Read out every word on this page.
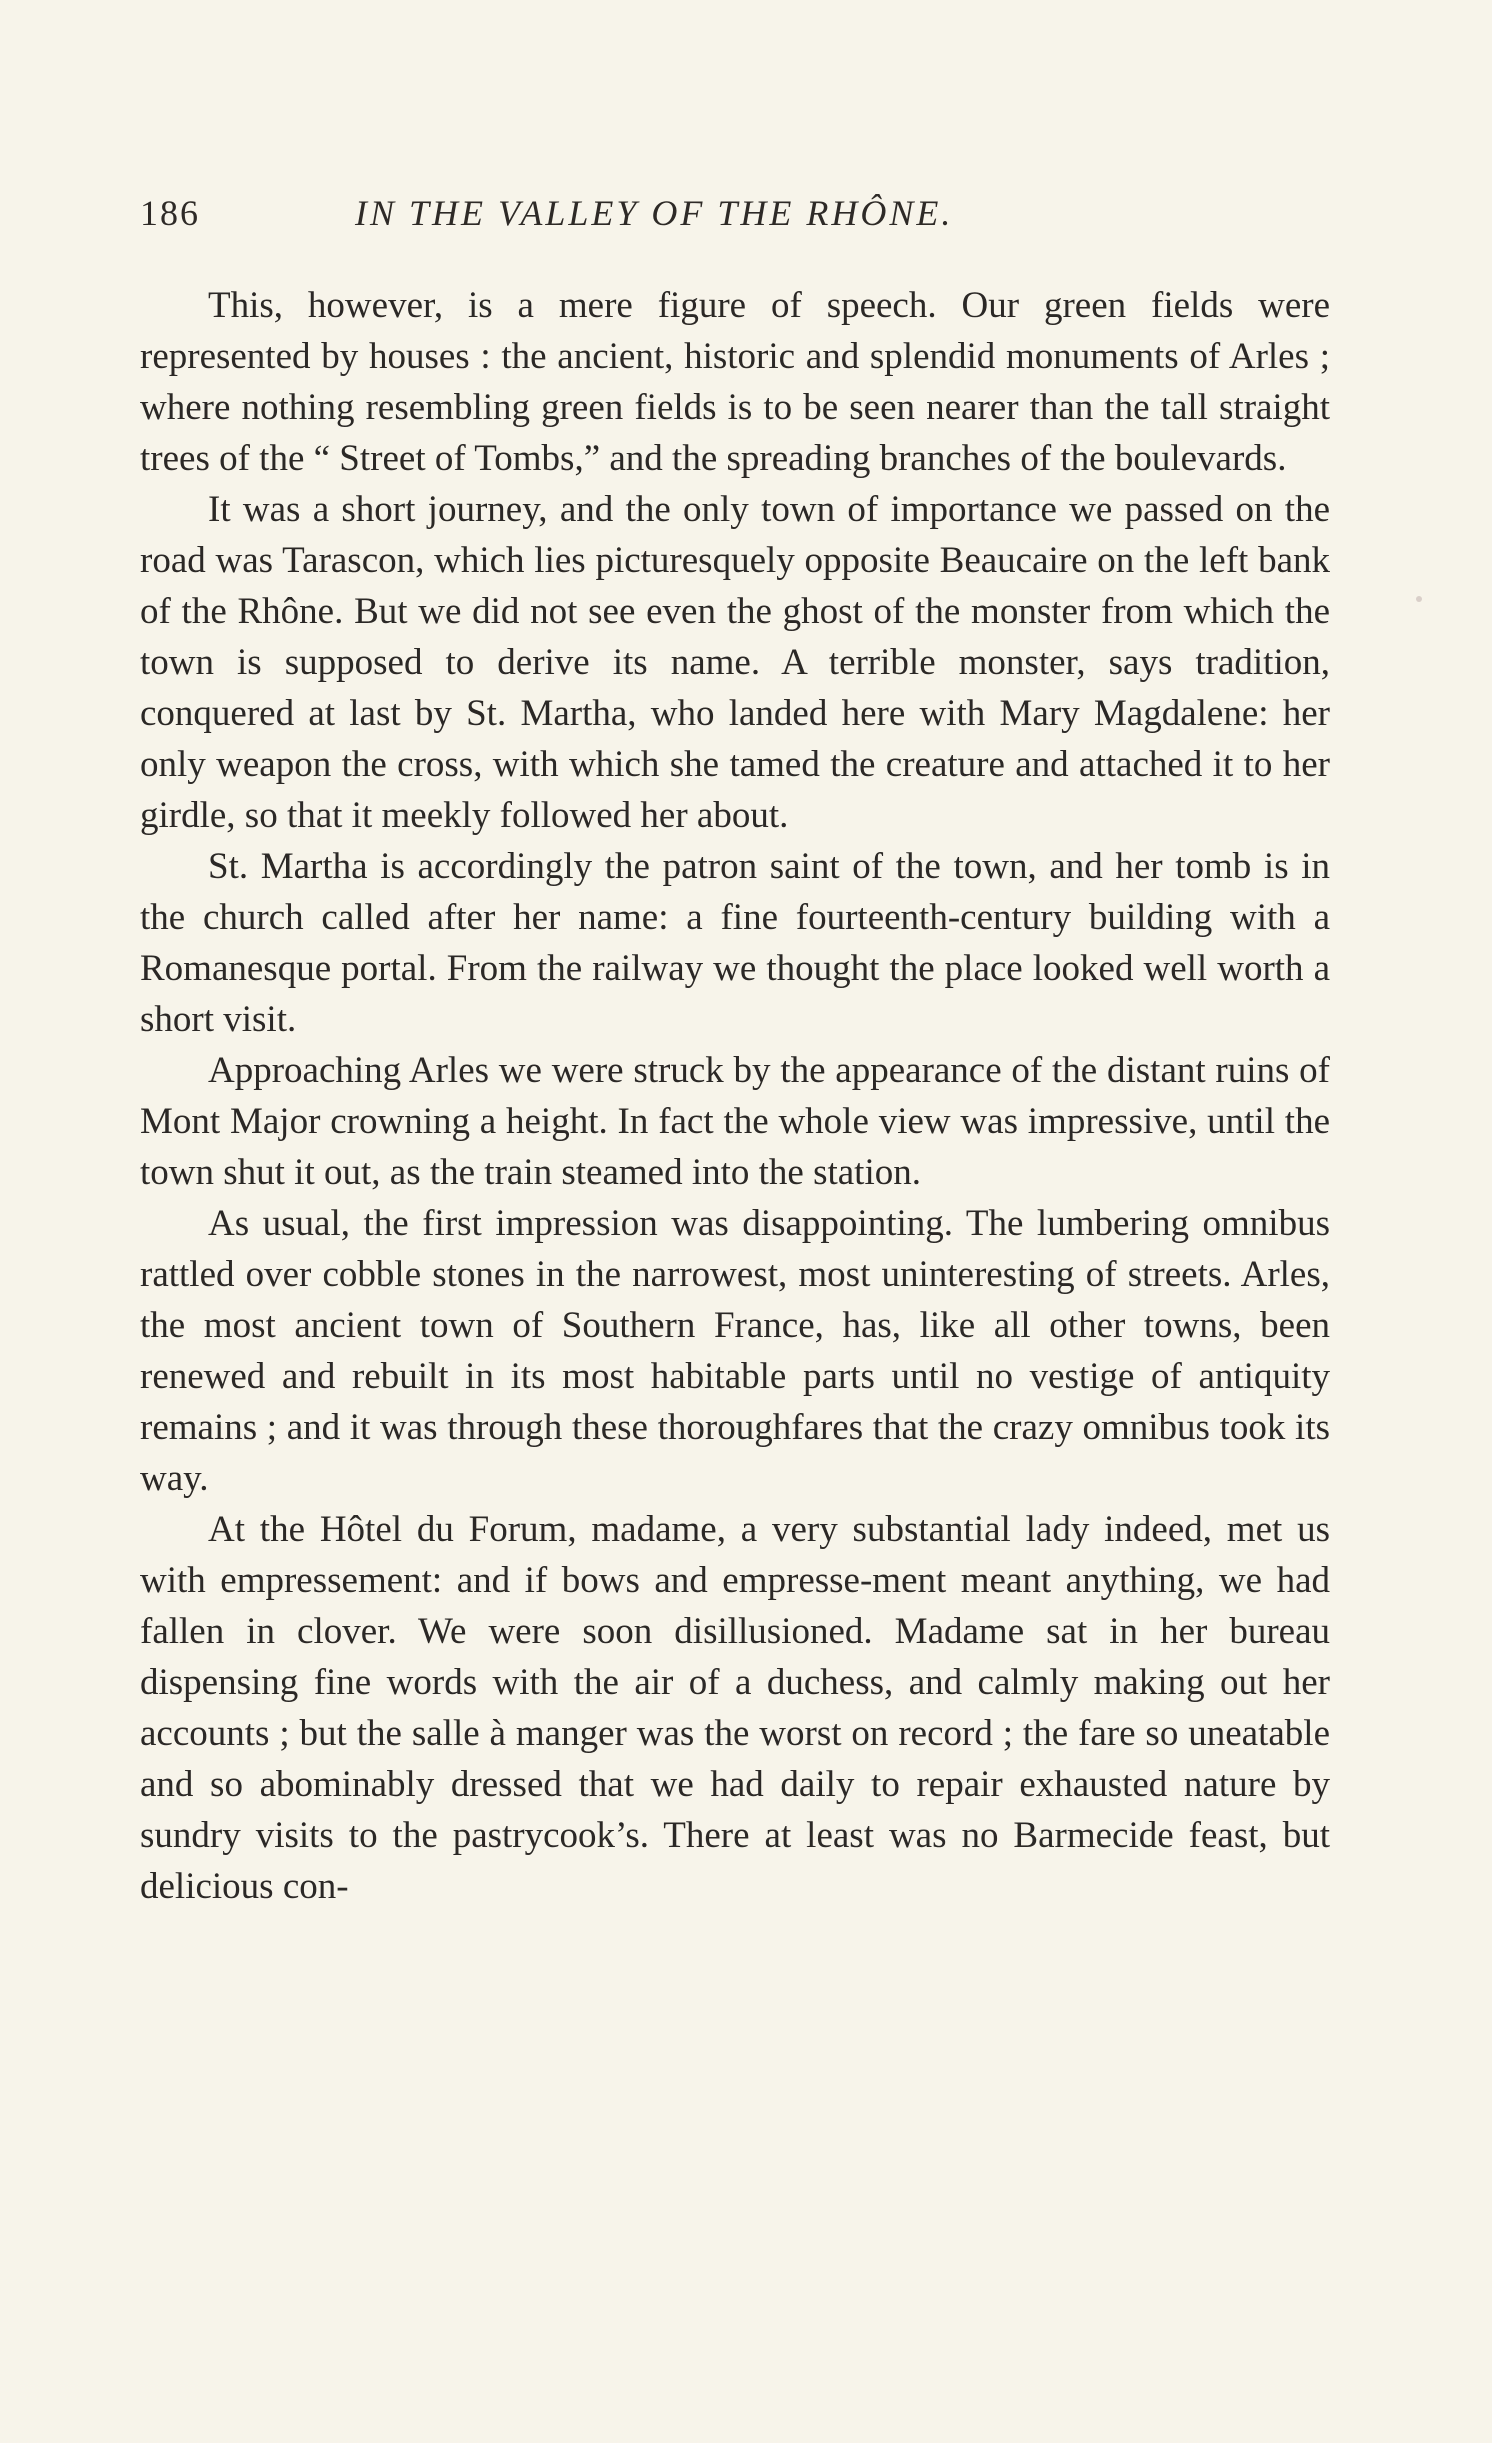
186	IN THE VALLEY OF THE RHÔNE.

This, however, is a mere figure of speech. Our green fields were represented by houses : the ancient, historic and splendid monuments of Arles ; where nothing resembling green fields is to be seen nearer than the tall straight trees of the “ Street of Tombs,” and the spreading branches of the boulevards.

It was a short journey, and the only town of importance we passed on the road was Tarascon, which lies picturesquely opposite Beaucaire on the left bank of the Rhône. But we did not see even the ghost of the monster from which the town is supposed to derive its name. A terrible monster, says tradition, conquered at last by St. Martha, who landed here with Mary Magdalene: her only weapon the cross, with which she tamed the creature and attached it to her girdle, so that it meekly followed her about.

St. Martha is accordingly the patron saint of the town, and her tomb is in the church called after her name: a fine fourteenth-century building with a Romanesque portal. From the railway we thought the place looked well worth a short visit.

Approaching Arles we were struck by the appearance of the distant ruins of Mont Major crowning a height. In fact the whole view was impressive, until the town shut it out, as the train steamed into the station.

As usual, the first impression was disappointing. The lumbering omnibus rattled over cobble stones in the narrowest, most uninteresting of streets. Arles, the most ancient town of Southern France, has, like all other towns, been renewed and rebuilt in its most habitable parts until no vestige of antiquity remains ; and it was through these thoroughfares that the crazy omnibus took its way.

At the Hôtel du Forum, madame, a very substantial lady indeed, met us with empressement: and if bows and empresse-ment meant anything, we had fallen in clover. We were soon disillusioned. Madame sat in her bureau dispensing fine words with the air of a duchess, and calmly making out her accounts ; but the salle à manger was the worst on record ; the fare so uneatable and so abominably dressed that we had daily to repair exhausted nature by sundry visits to the pastrycook’s. There at least was no Barmecide feast, but delicious con-
